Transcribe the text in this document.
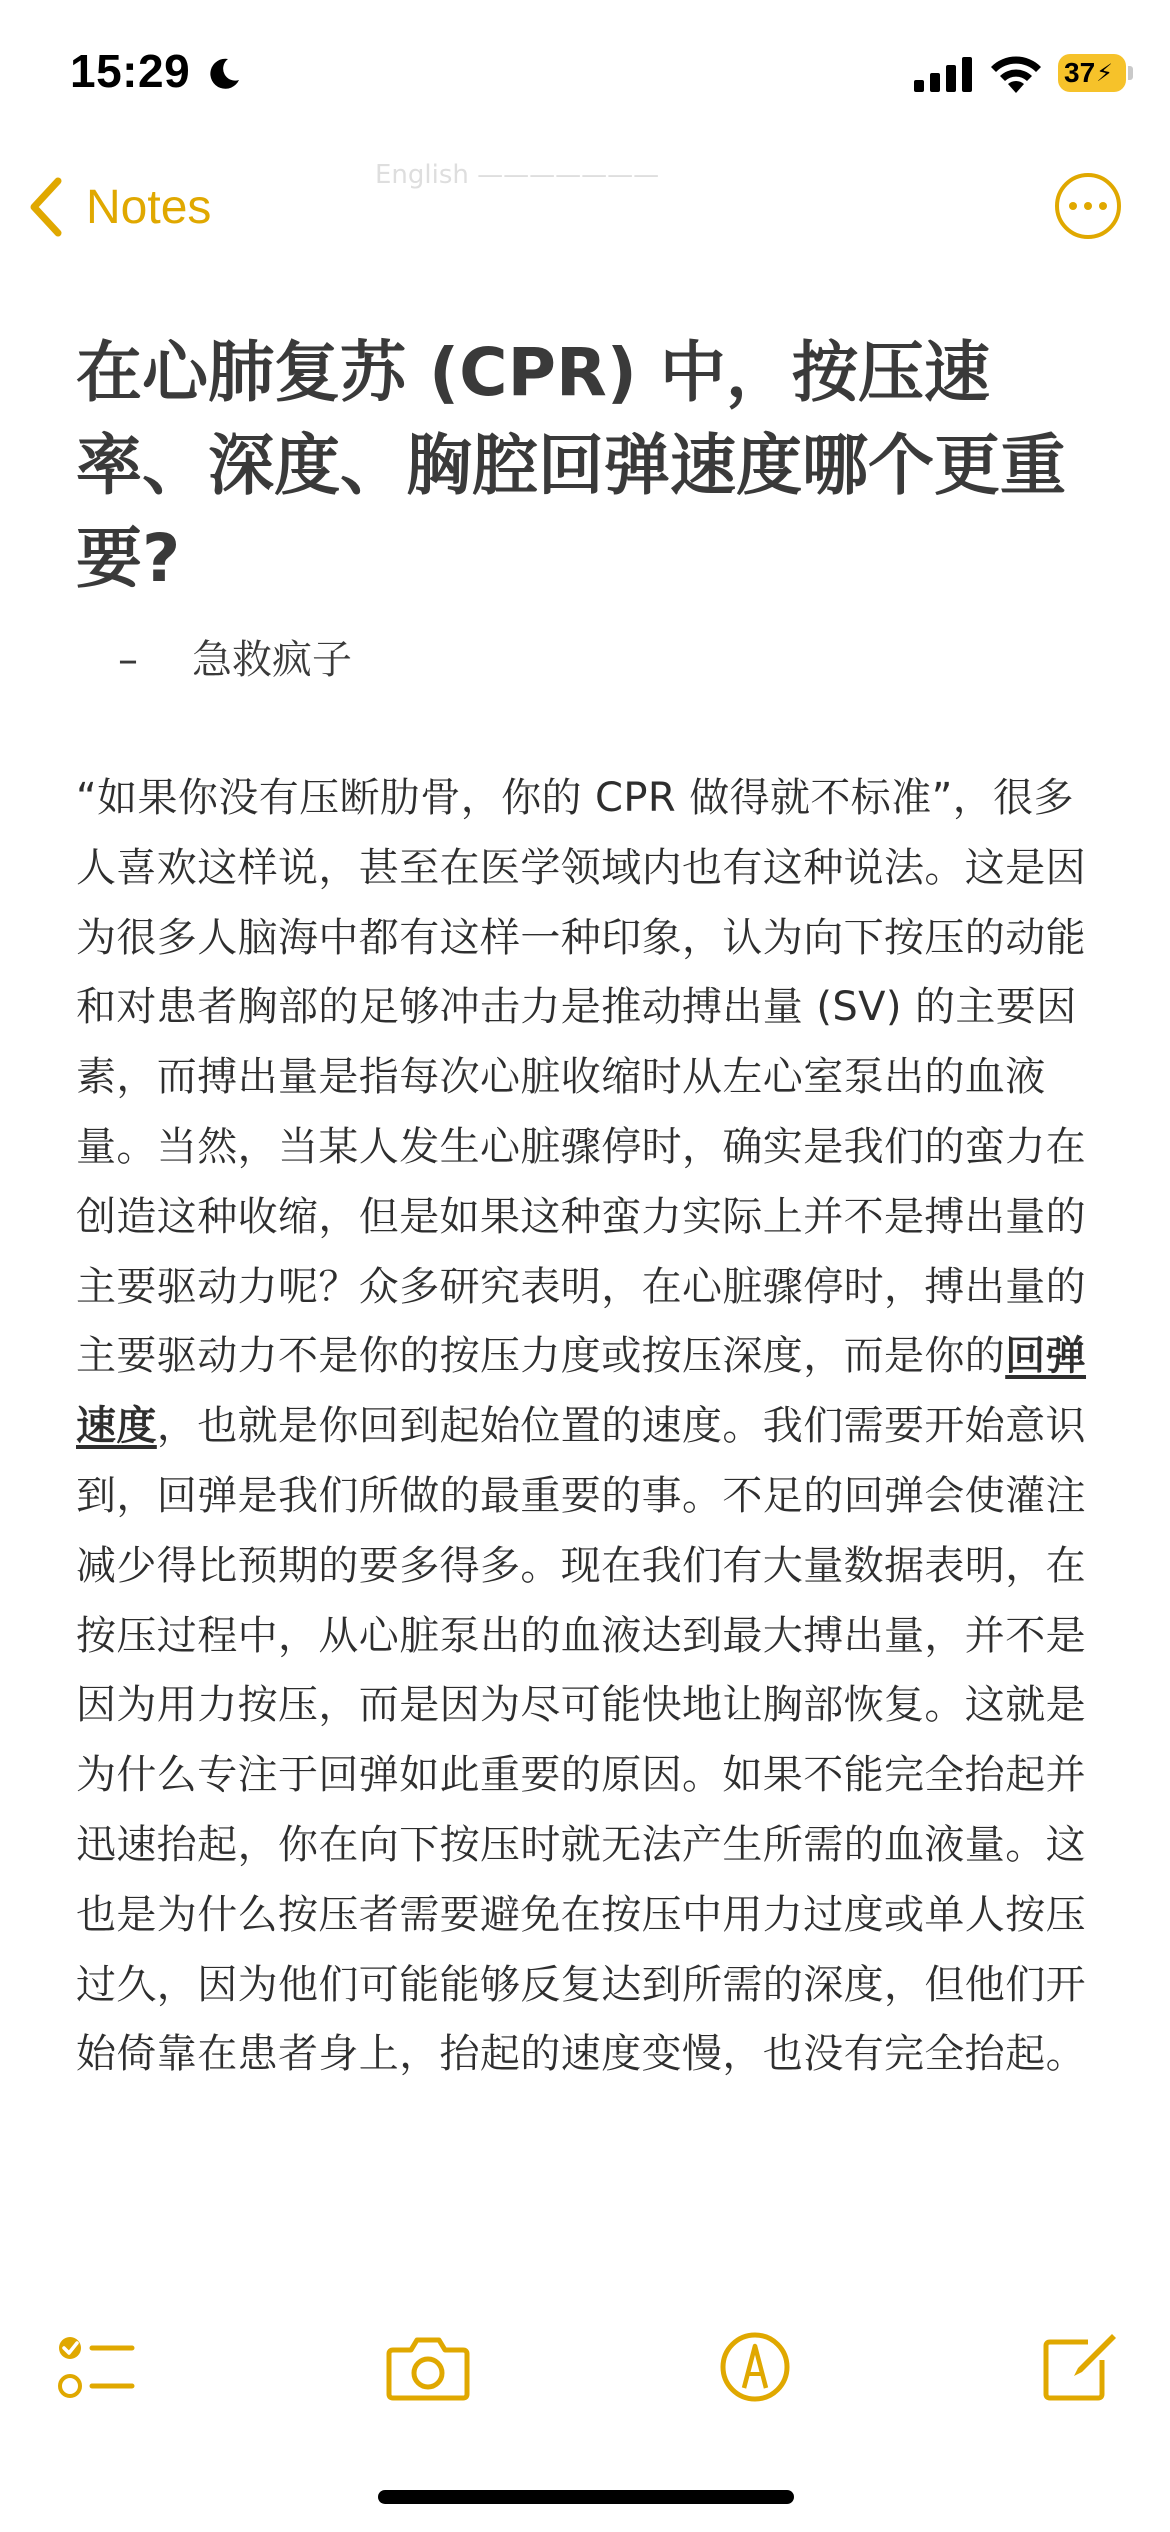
15:29	37 ⚡
Notes
English ———————
在心肺复苏 (CPR) 中，按压速率、深度、胸腔回弹速度哪个更重要?
– 急救疯子

“如果你没有压断肋骨，你的 CPR 做得就不标准”，很多人喜欢这样说，甚至在医学领域内也有这种说法。这是因为很多人脑海中都有这样一种印象，认为向下按压的动能和对患者胸部的足够冲击力是推动搏出量 (SV) 的主要因素，而搏出量是指每次心脏收缩时从左心室泵出的血液量。当然，当某人发生心脏骤停时，确实是我们的蛮力在创造这种收缩，但是如果这种蛮力实际上并不是搏出量的主要驱动力呢？众多研究表明，在心脏骤停时，搏出量的主要驱动力不是你的按压力度或按压深度，而是你的回弹速度，也就是你回到起始位置的速度。我们需要开始意识到，回弹是我们所做的最重要的事。不足的回弹会使灌注减少得比预期的要多得多。现在我们有大量数据表明，在按压过程中，从心脏泵出的血液达到最大搏出量，并不是因为用力按压，而是因为尽可能快地让胸部恢复。这就是为什么专注于回弹如此重要的原因。如果不能完全抬起并迅速抬起，你在向下按压时就无法产生所需的血液量。这也是为什么按压者需要避免在按压中用力过度或单人按压过久，因为他们可能能够反复达到所需的深度，但他们开始倚靠在患者身上，抬起的速度变慢，也没有完全抬起。
